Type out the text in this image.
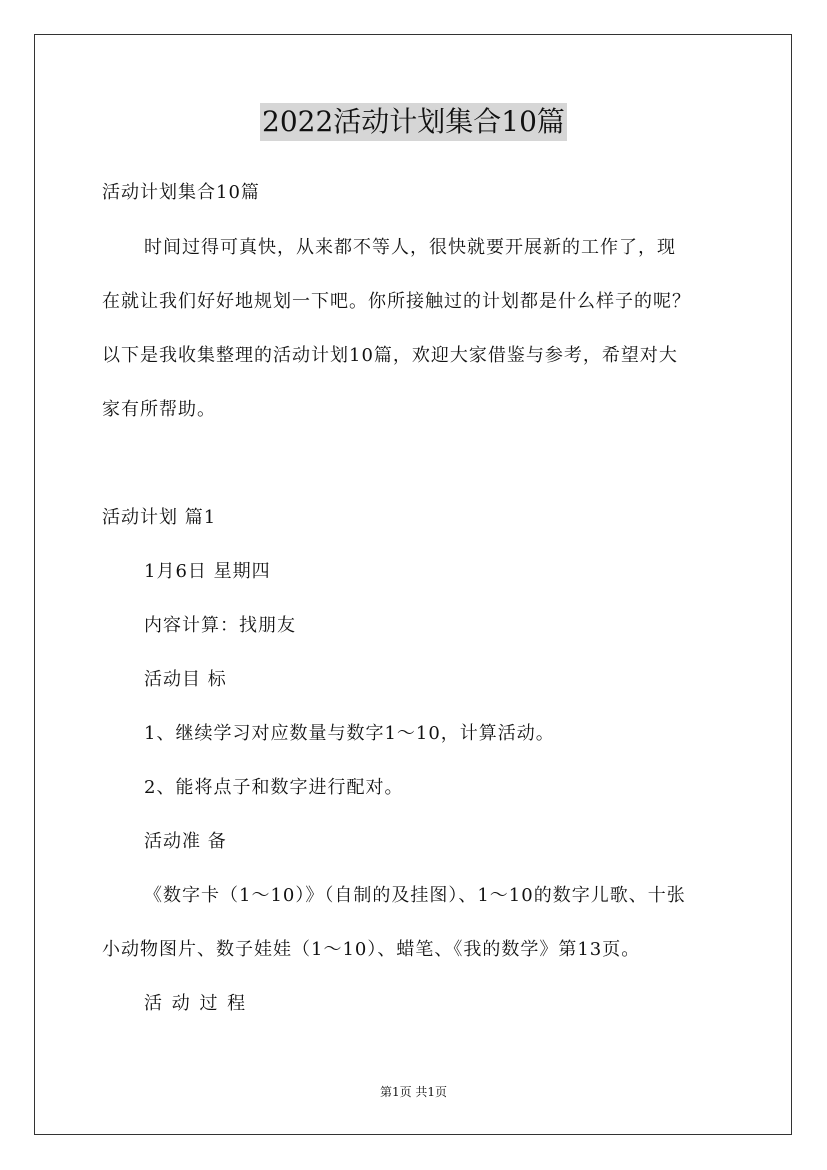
2022活动计划集合10篇
活动计划集合10篇
时间过得可真快，从来都不等人，很快就要开展新的工作了，现
在就让我们好好地规划一下吧。你所接触过的计划都是什么样子的呢？
以下是我收集整理的活动计划10篇，欢迎大家借鉴与参考，希望对大
家有所帮助。
活动计划 篇1
1月6日 星期四
内容计算：找朋友
活动目 标
1、继续学习对应数量与数字1～10，计算活动。
2、能将点子和数字进行配对。
活动准 备
《数字卡（1～10）》（自制的及挂图）、1～10的数字儿歌、十张
小动物图片、数子娃娃（1～10）、蜡笔、《我的数学》第13页。
活 动 过 程
第1页 共1页
